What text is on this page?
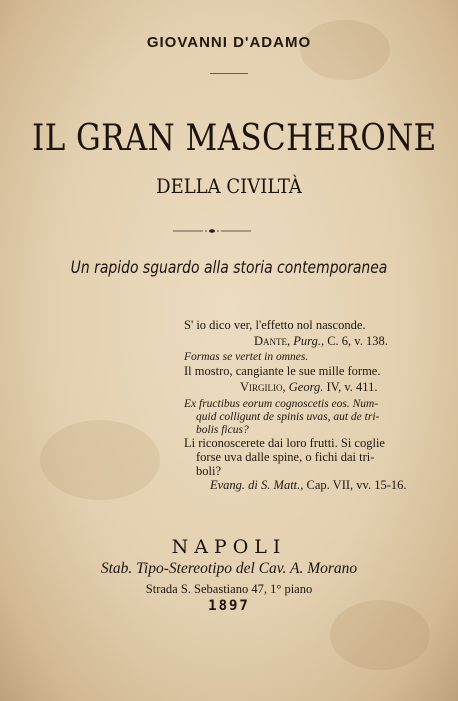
GIOVANNI D'ADAMO
IL GRAN MASCHERONE
DELLA CIVILTÀ
Un rapido sguardo alla storia contemporanea
S' io dico ver, l'effetto nol nasconde.
Dante, Purg., C. 6, v. 138.
Formas se vertet in omnes.
Il mostro, cangiante le sue mille forme.
Virgilio, Georg. IV, v. 411.
Ex fructibus eorum cognoscetis eos. Num-
quid colligunt de spinis uvas, aut de tri-
bolis ficus?
Li riconoscerete dai loro frutti. Si coglie
forse uva dalle spine, o fichi dai tri-
boli?
Evang. di S. Matt., Cap. VII, vv. 15-16.
NAPOLI
Stab. Tipo-Stereotipo del Cav. A. Morano
Strada S. Sebastiano 47, 1° piano
1897
